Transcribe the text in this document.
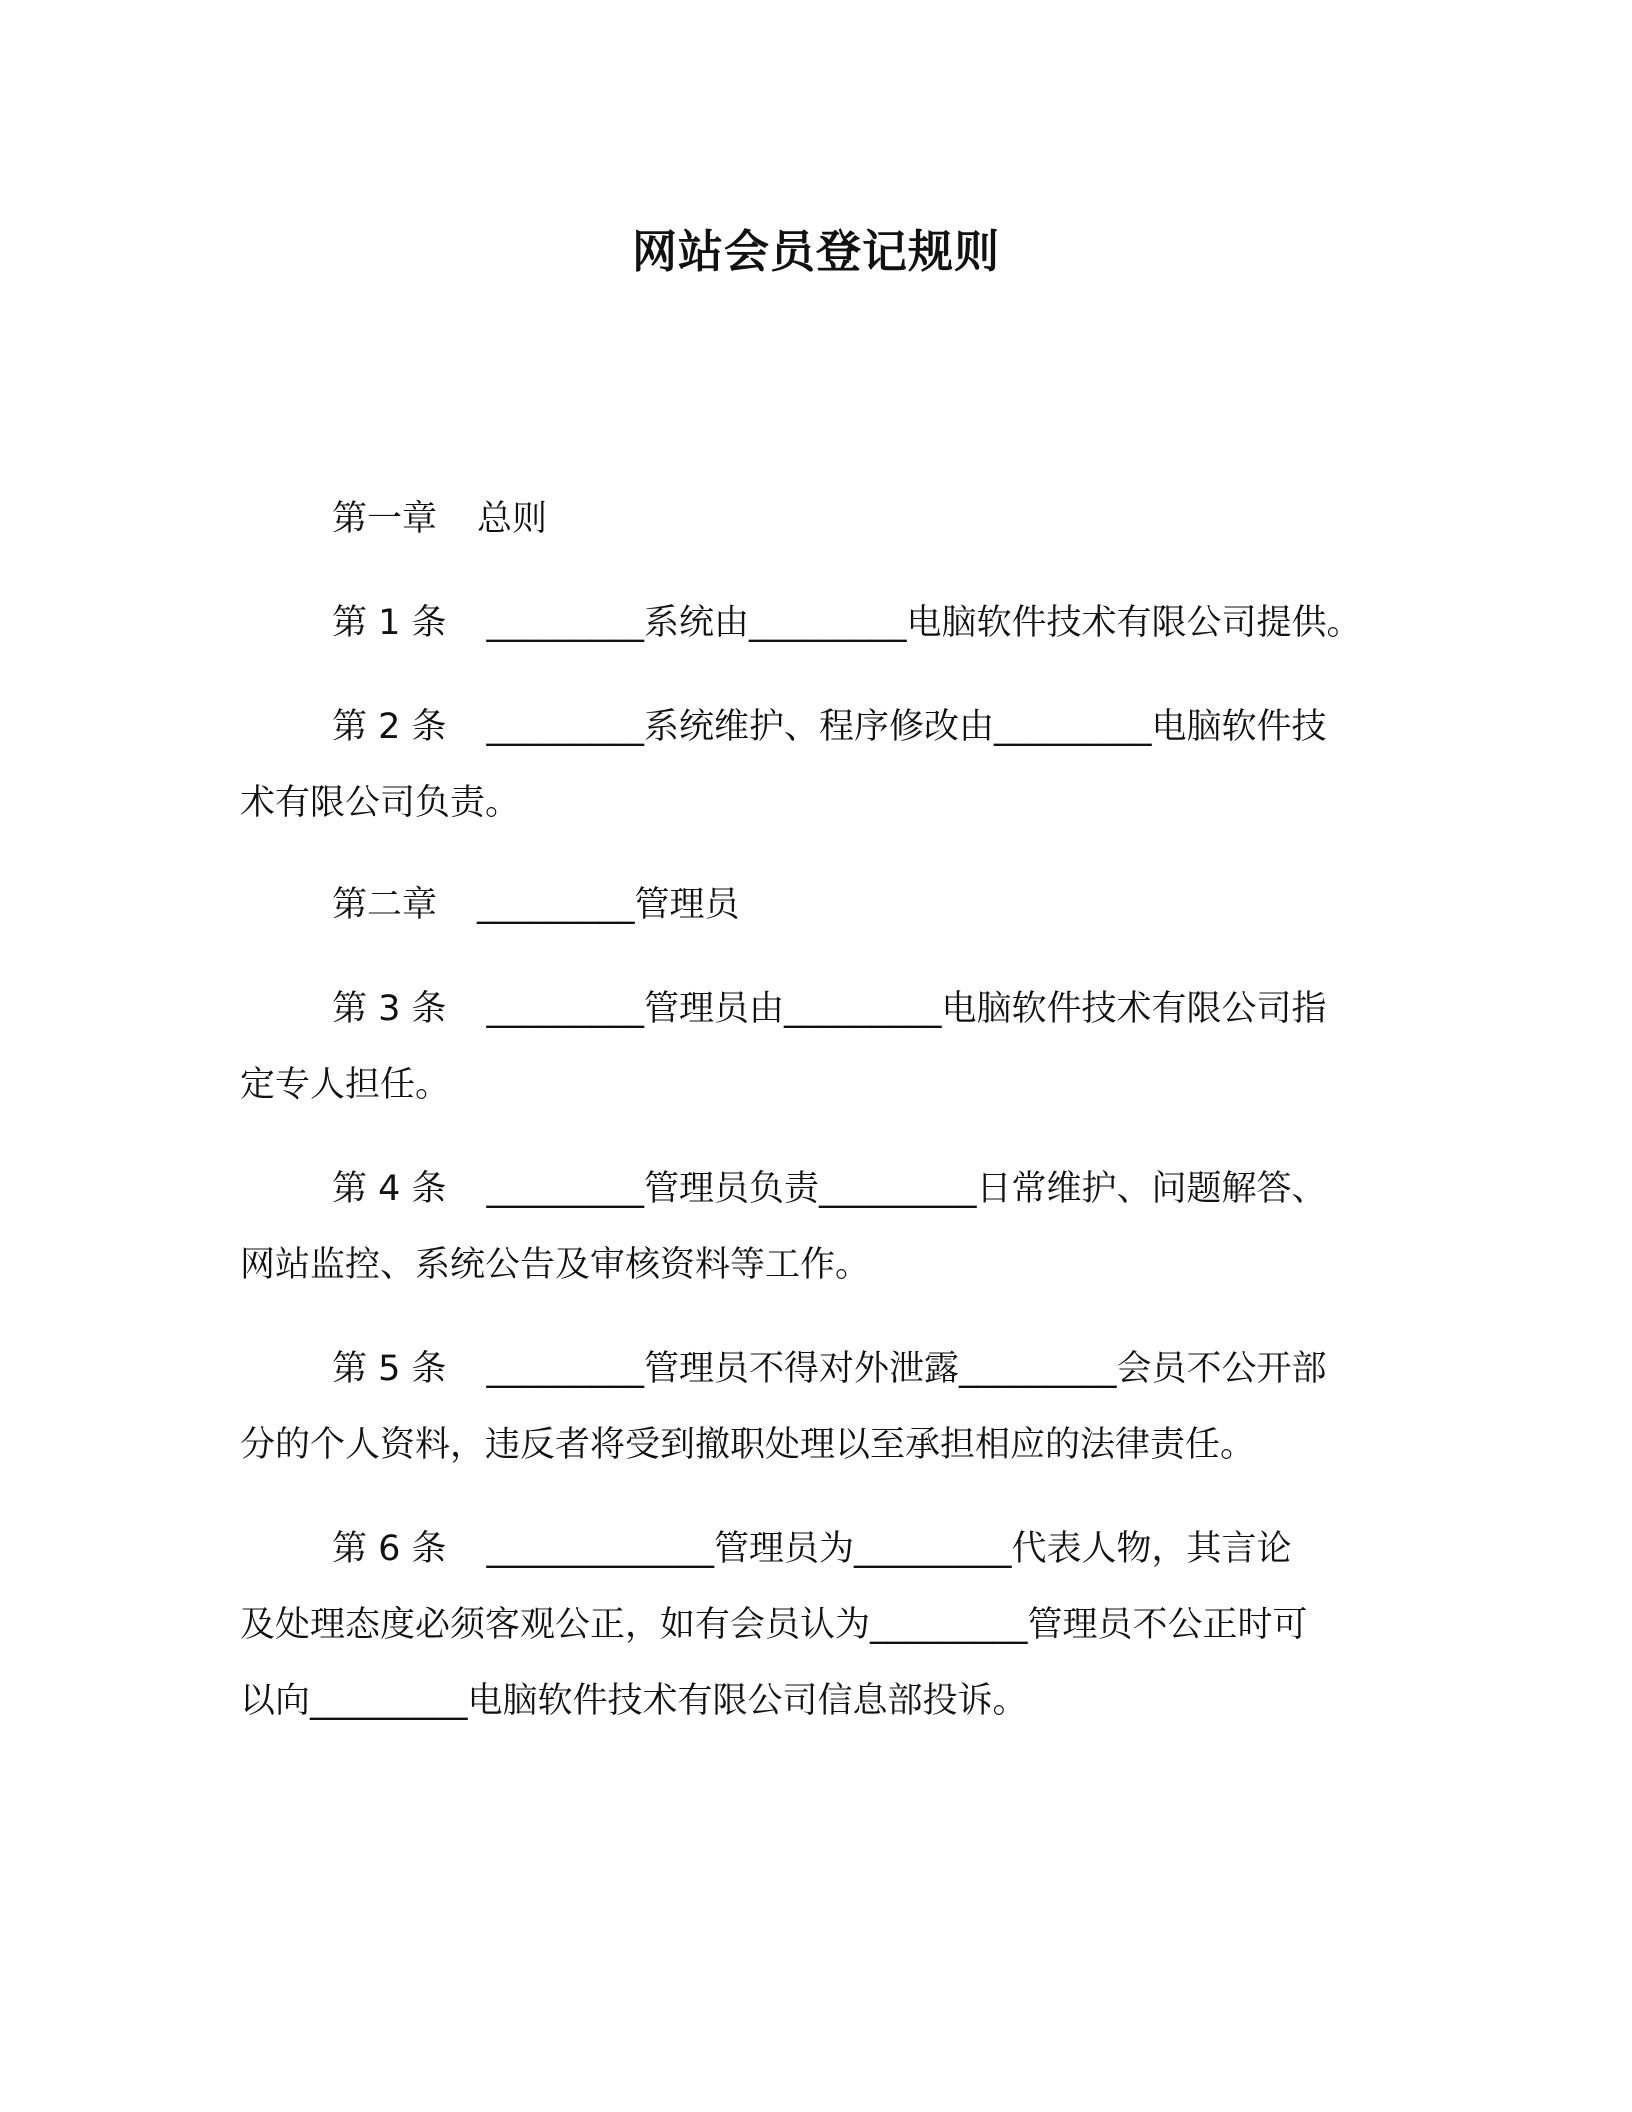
网站会员登记规则
第一章 总则
第 1 条 _________系统由_________电脑软件技术有限公司提供。
第 2 条 _________系统维护、程序修改由_________电脑软件技
术有限公司负责。
第二章 _________管理员
第 3 条 _________管理员由_________电脑软件技术有限公司指
定专人担任。
第 4 条 _________管理员负责_________日常维护、问题解答、
网站监控、系统公告及审核资料等工作。
第 5 条 _________管理员不得对外泄露_________会员不公开部
分的个人资料，违反者将受到撤职处理以至承担相应的法律责任。
第 6 条 _____________管理员为_________代表人物，其言论
及处理态度必须客观公正，如有会员认为_________管理员不公正时可
以向_________电脑软件技术有限公司信息部投诉。
